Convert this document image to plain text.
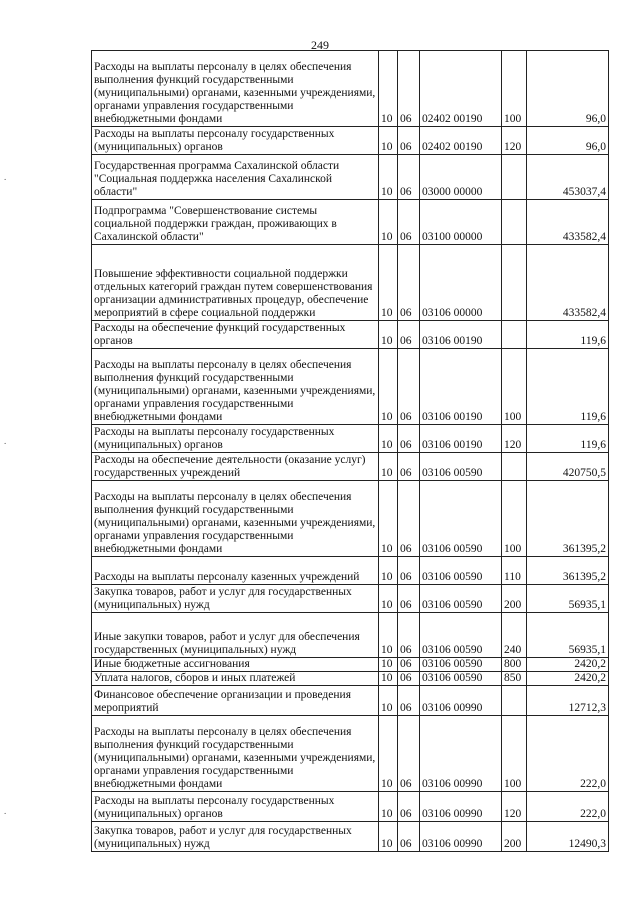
249
Расходы на выплаты персоналу в целях обеспечения выполнения функций государственными (муниципальными) органами, казенными учреждениями, органами управления государственными внебюджетными фондами	10	06	02402 00190	100	96,0
Расходы на выплаты персоналу государственных (муниципальных) органов	10	06	02402 00190	120	96,0
Государственная программа Сахалинской области "Социальная поддержка населения Сахалинской области"	10	06	03000 00000		453037,4
Подпрограмма "Совершенствование системы социальной поддержки граждан, проживающих в Сахалинской области"	10	06	03100 00000		433582,4
Повышение эффективности социальной поддержки отдельных категорий граждан путем совершенствования организации административных процедур, обеспечение мероприятий в сфере социальной поддержки	10	06	03106 00000		433582,4
Расходы на обеспечение функций государственных органов	10	06	03106 00190		119,6
Расходы на выплаты персоналу в целях обеспечения выполнения функций государственными (муниципальными) органами, казенными учреждениями, органами управления государственными внебюджетными фондами	10	06	03106 00190	100	119,6
Расходы на выплаты персоналу государственных (муниципальных) органов	10	06	03106 00190	120	119,6
Расходы на обеспечение деятельности (оказание услуг) государственных учреждений	10	06	03106 00590		420750,5
Расходы на выплаты персоналу в целях обеспечения выполнения функций государственными (муниципальными) органами, казенными учреждениями, органами управления государственными внебюджетными фондами	10	06	03106 00590	100	361395,2
Расходы на выплаты персоналу казенных учреждений	10	06	03106 00590	110	361395,2
Закупка товаров, работ и услуг для государственных (муниципальных) нужд	10	06	03106 00590	200	56935,1
Иные закупки товаров, работ и услуг для обеспечения государственных (муниципальных) нужд	10	06	03106 00590	240	56935,1
Иные бюджетные ассигнования	10	06	03106 00590	800	2420,2
Уплата налогов, сборов и иных платежей	10	06	03106 00590	850	2420,2
Финансовое обеспечение организации и проведения мероприятий	10	06	03106 00990		12712,3
Расходы на выплаты персоналу в целях обеспечения выполнения функций государственными (муниципальными) органами, казенными учреждениями, органами управления государственными внебюджетными фондами	10	06	03106 00990	100	222,0
Расходы на выплаты персоналу государственных (муниципальных) органов	10	06	03106 00990	120	222,0
Закупка товаров, работ и услуг для государственных (муниципальных) нужд	10	06	03106 00990	200	12490,3
.
.
.
